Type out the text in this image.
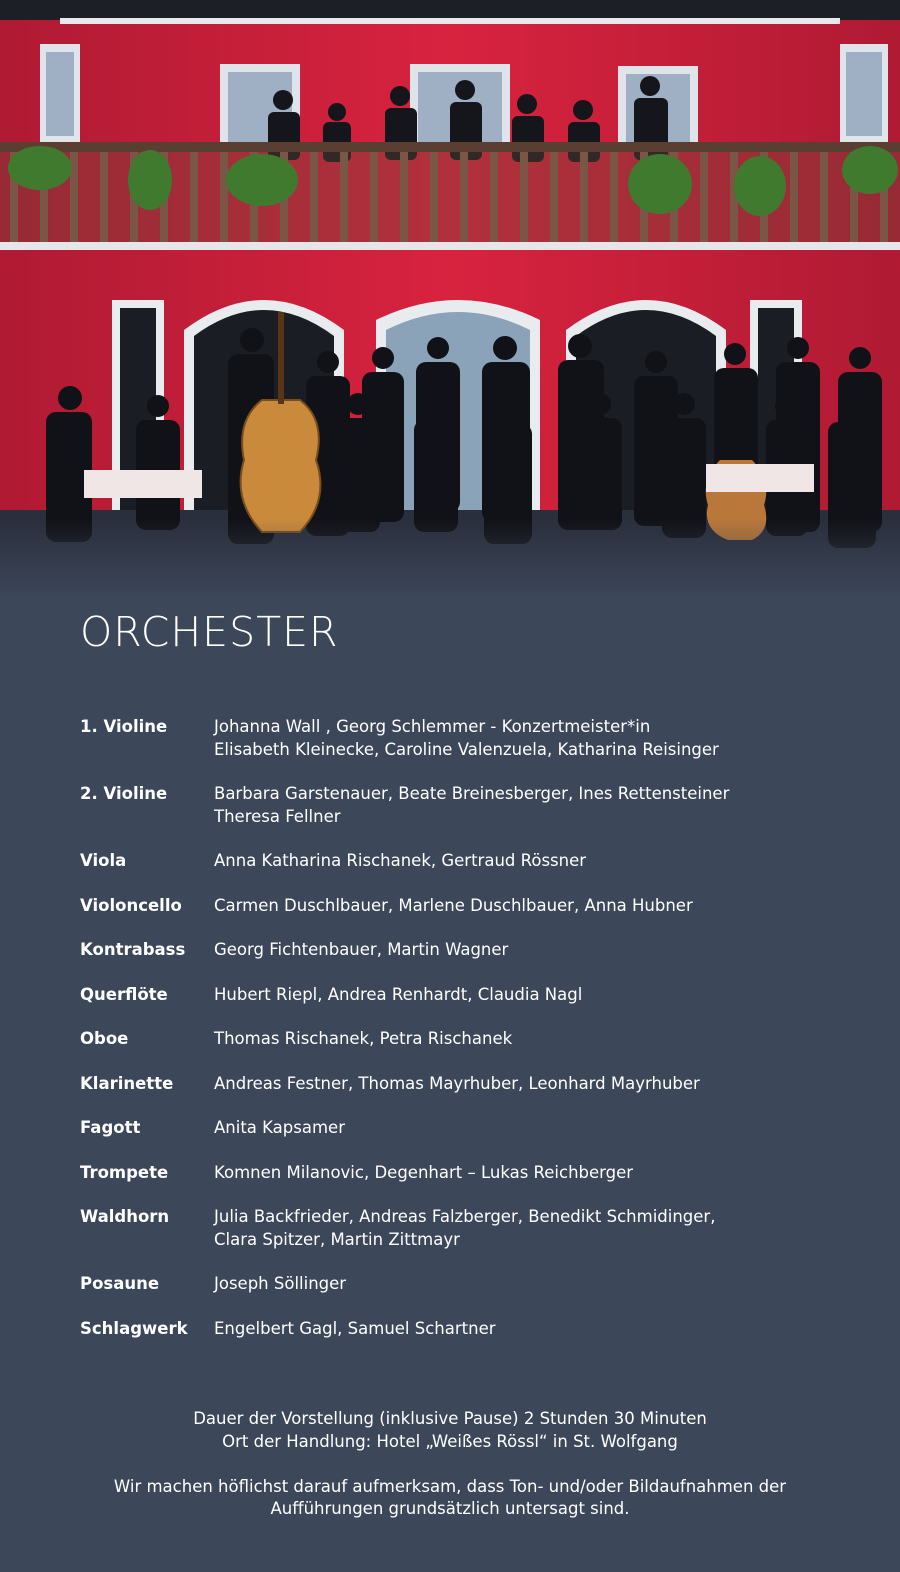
ORCHESTER
1. Violine	Johanna Wall , Georg Schlemmer - Konzertmeister*in
Elisabeth Kleinecke, Caroline Valenzuela, Katharina Reisinger
2. Violine	Barbara Garstenauer, Beate Breinesberger, Ines Rettensteiner
Theresa Fellner
Viola	Anna Katharina Rischanek, Gertraud Rössner
Violoncello	Carmen Duschlbauer, Marlene Duschlbauer, Anna Hubner
Kontrabass	Georg Fichtenbauer, Martin Wagner
Querflöte	Hubert Riepl, Andrea Renhardt, Claudia Nagl
Oboe	Thomas Rischanek, Petra Rischanek
Klarinette	Andreas Festner, Thomas Mayrhuber, Leonhard Mayrhuber
Fagott	Anita Kapsamer
Trompete	Komnen Milanovic, Degenhart – Lukas Reichberger
Waldhorn	Julia Backfrieder, Andreas Falzberger, Benedikt Schmidinger,
Clara Spitzer, Martin Zittmayr
Posaune	Joseph Söllinger
Schlagwerk	Engelbert Gagl, Samuel Schartner

Dauer der Vorstellung (inklusive Pause) 2 Stunden 30 Minuten

Ort der Handlung: Hotel „Weißes Rössl“ in St. Wolfgang

Wir machen höflichst darauf aufmerksam, dass Ton- und/oder Bildaufnahmen der

Aufführungen grundsätzlich untersagt sind.
